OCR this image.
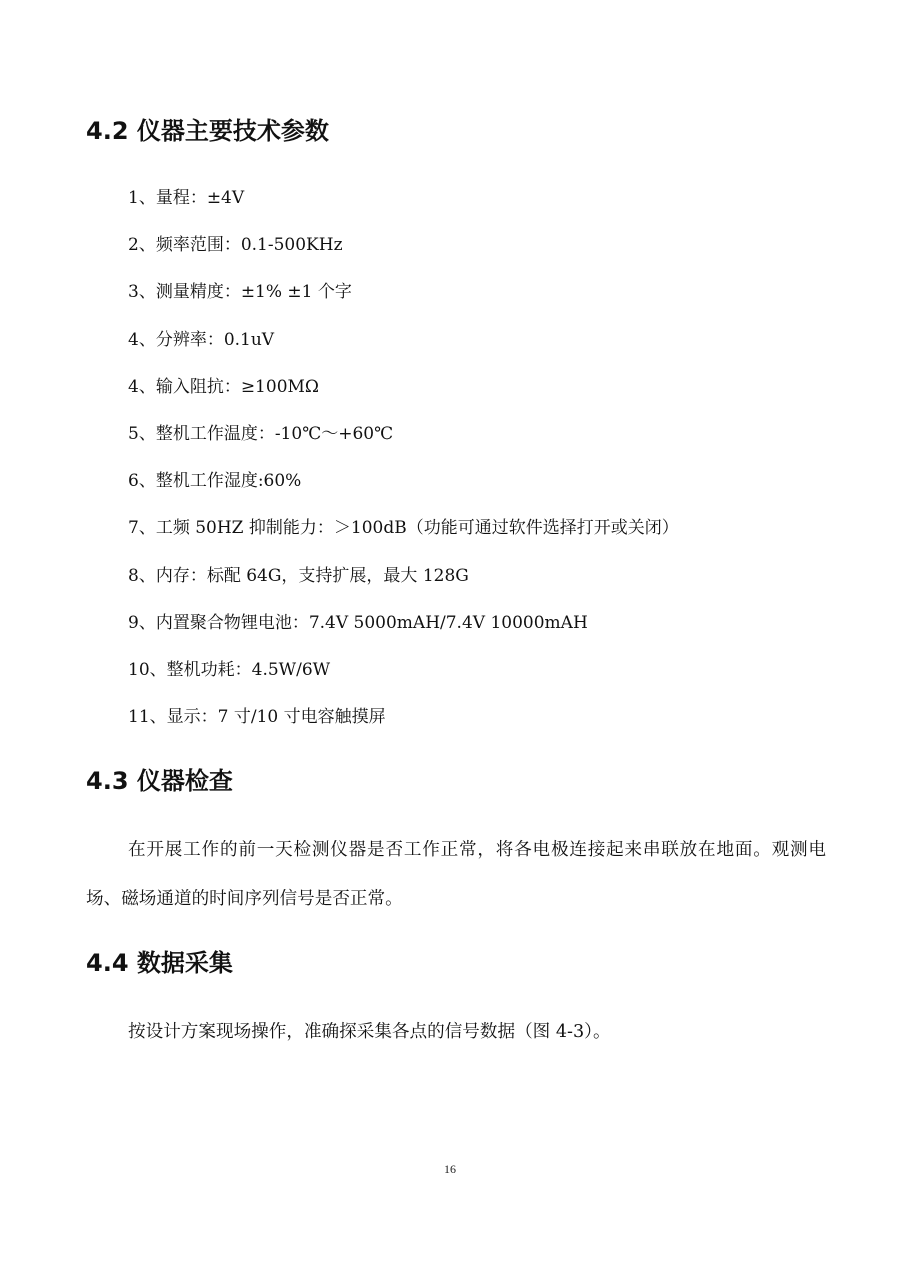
4.2 仪器主要技术参数
1、量程：±4V
2、频率范围：0.1-500KHz
3、测量精度：±1% ±1 个字
4、分辨率：0.1uV
4、输入阻抗：≥100MΩ
5、整机工作温度：-10℃～+60℃
6、整机工作湿度:60%
7、工频 50HZ 抑制能力：＞100dB（功能可通过软件选择打开或关闭）
8、内存：标配 64G，支持扩展，最大 128G
9、内置聚合物锂电池：7.4V 5000mAH/7.4V 10000mAH
10、整机功耗：4.5W/6W
11、显示：7 寸/10 寸电容触摸屏
4.3 仪器检查

在开展工作的前一天检测仪器是否工作正常，将各电极连接起来串联放在地面。观测电场、磁场通道的时间序列信号是否正常。

4.4 数据采集

按设计方案现场操作，准确探采集各点的信号数据（图 4-3）。

16
